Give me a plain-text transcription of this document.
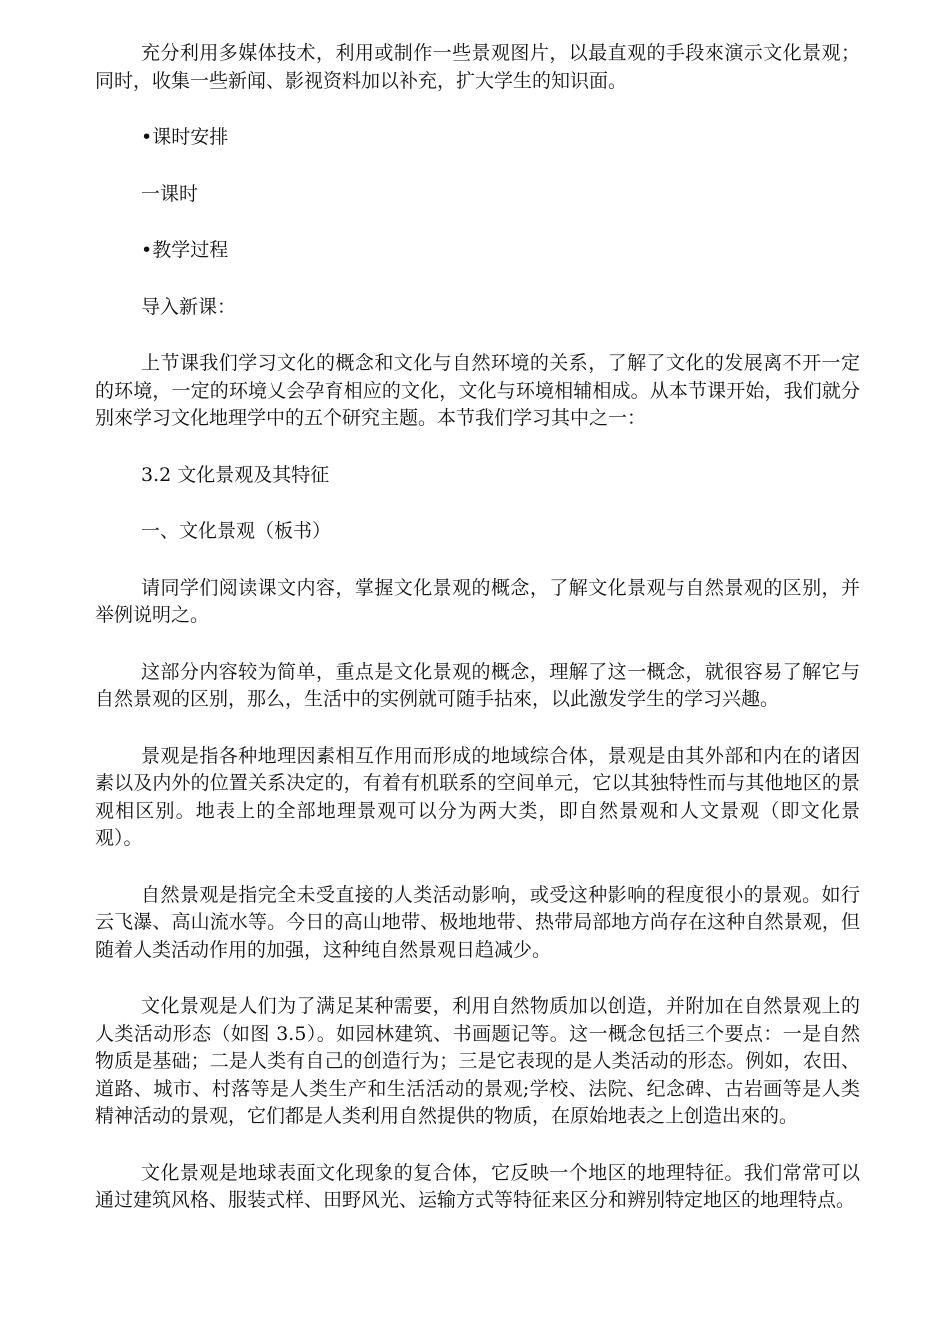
充分利用多媒体技术，利用或制作一些景观图片，以最直观的手段來演示文化景观；同时，收集一些新闻、影视资料加以补充，扩大学生的知识面。

•课时安排

一课时

•教学过程

导入新课：

上节课我们学习文化的概念和文化与自然环境的关系，了解了文化的发展离不开一定的环境，一定的环境乂会孕育相应的文化，文化与环境相辅相成。从本节课开始，我们就分别來学习文化地理学中的五个研究主题。本节我们学习其中之一：

3.2 文化景观及其特征

一、文化景观（板书）

请同学们阅读课文内容，掌握文化景观的概念，了解文化景观与自然景观的区别，并举例说明之。

这部分内容较为简单，重点是文化景观的概念，理解了这一概念，就很容易了解它与自然景观的区别，那么，生活中的实例就可随手拈來，以此激发学生的学习兴趣。

景观是指各种地理因素相互作用而形成的地域综合体，景观是由其外部和内在的诸因素以及内外的位置关系决定的，有着有机联系的空间单元，它以其独特性而与其他地区的景观相区别。地表上的全部地理景观可以分为两大类，即自然景观和人文景观（即文化景观）。

自然景观是指完全未受直接的人类活动影响，或受这种影响的程度很小的景观。如行云飞瀑、高山流水等。今日的高山地带、极地地带、热带局部地方尚存在这种自然景观，但随着人类活动作用的加强，这种纯自然景观日趋减少。

文化景观是人们为了满足某种需要，利用自然物质加以创造，并附加在自然景观上的人类活动形态（如图 3.5）。如园林建筑、书画题记等。这一概念包括三个要点：一是自然物质是基础；二是人类有自己的创造行为；三是它表现的是人类活动的形态。例如，农田、道路、城市、村落等是人类生产和生活活动的景观;学校、法院、纪念碑、古岩画等是人类精神活动的景观，它们都是人类利用自然提供的物质，在原始地表之上创造出來的。

文化景观是地球表面文化现象的复合体，它反映一个地区的地理特征。我们常常可以通过建筑风格、服装式样、田野风光、运输方式等特征来区分和辨别特定地区的地理特点。
